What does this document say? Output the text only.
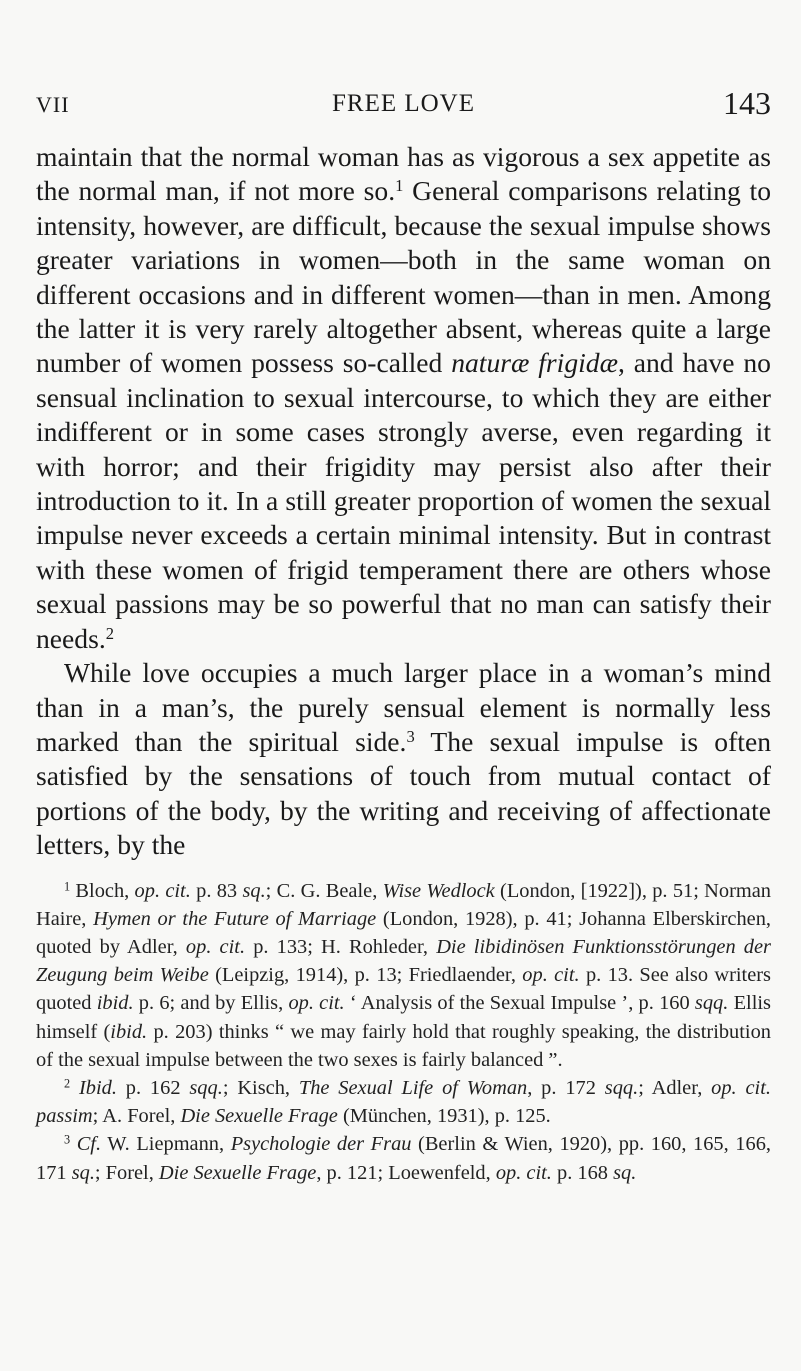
VII	FREE LOVE	143

maintain that the normal woman has as vigorous a sex appetite as the normal man, if not more so.$^1$ General comparisons relating to intensity, however, are difficult, because the sexual impulse shows greater variations in women—both in the same woman on different occasions and in different women—than in men. Among the latter it is very rarely altogether absent, whereas quite a large number of women possess so-called naturæ frigidæ, and have no sensual inclination to sexual intercourse, to which they are either indifferent or in some cases strongly averse, even regarding it with horror; and their frigidity may persist also after their introduction to it. In a still greater proportion of women the sexual impulse never exceeds a certain minimal intensity. But in contrast with these women of frigid temperament there are others whose sexual passions may be so powerful that no man can satisfy their needs.$^2$

While love occupies a much larger place in a woman’s mind than in a man’s, the purely sensual element is normally less marked than the spiritual side.$^3$ The sexual impulse is often satisfied by the sensations of touch from mutual contact of portions of the body, by the writing and receiving of affectionate letters, by the

$^1$ Bloch, op. cit. p. 83 sq.; C. G. Beale, Wise Wedlock (London, [1922]), p. 51; Norman Haire, Hymen or the Future of Marriage (London, 1928), p. 41; Johanna Elberskirchen, quoted by Adler, op. cit. p. 133; H. Rohleder, Die libidinösen Funktionsstörungen der Zeugung beim Weibe (Leipzig, 1914), p. 13; Friedlaender, op. cit. p. 13. See also writers quoted ibid. p. 6; and by Ellis, op. cit. ‘ Analysis of the Sexual Impulse ’, p. 160 sqq. Ellis himself (ibid. p. 203) thinks “ we may fairly hold that roughly speaking, the distribution of the sexual impulse between the two sexes is fairly balanced ”.

$^2$ Ibid. p. 162 sqq.; Kisch, The Sexual Life of Woman, p. 172 sqq.; Adler, op. cit. passim; A. Forel, Die Sexuelle Frage (München, 1931), p. 125.

$^3$ Cf. W. Liepmann, Psychologie der Frau (Berlin & Wien, 1920), pp. 160, 165, 166, 171 sq.; Forel, Die Sexuelle Frage, p. 121; Loewenfeld, op. cit. p. 168 sq.
